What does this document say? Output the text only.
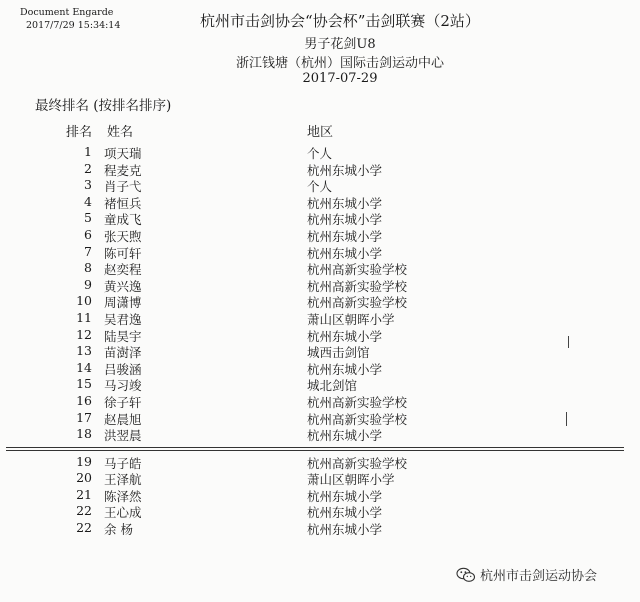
Document Engarde
2017/7/29 15:34:14	杭州市击剑协会“协会杯”击剑联赛（2站）
男子花剑U8
浙江钱塘（杭州）国际击剑运动中心
2017-07-29
最终排名 (按排名排序)
排名 姓名	地区
1 项天瑞	个人
2 程麦克	杭州东城小学
3 肖子弋	个人
4 褚恒兵	杭州东城小学
5 童成飞	杭州东城小学
6 张天煦	杭州东城小学
7 陈可轩	杭州东城小学
8 赵奕程	杭州高新实验学校
9 黄兴逸	杭州高新实验学校
10 周潇博	杭州高新实验学校
11 吴君逸	萧山区朝晖小学
12 陆昊宇	杭州东城小学
13 苗澍泽	城西击剑馆
14 吕骏涵	杭州东城小学
15 马习竣	城北剑馆
16 徐子轩	杭州高新实验学校
17 赵晨旭	杭州高新实验学校
18 洪翌晨	杭州东城小学
19 马子皓	杭州高新实验学校
20 王泽航	萧山区朝晖小学
21 陈泽然	杭州东城小学
22 王心成	杭州东城小学
22 余 杨	杭州东城小学
杭州市击剑运动协会
